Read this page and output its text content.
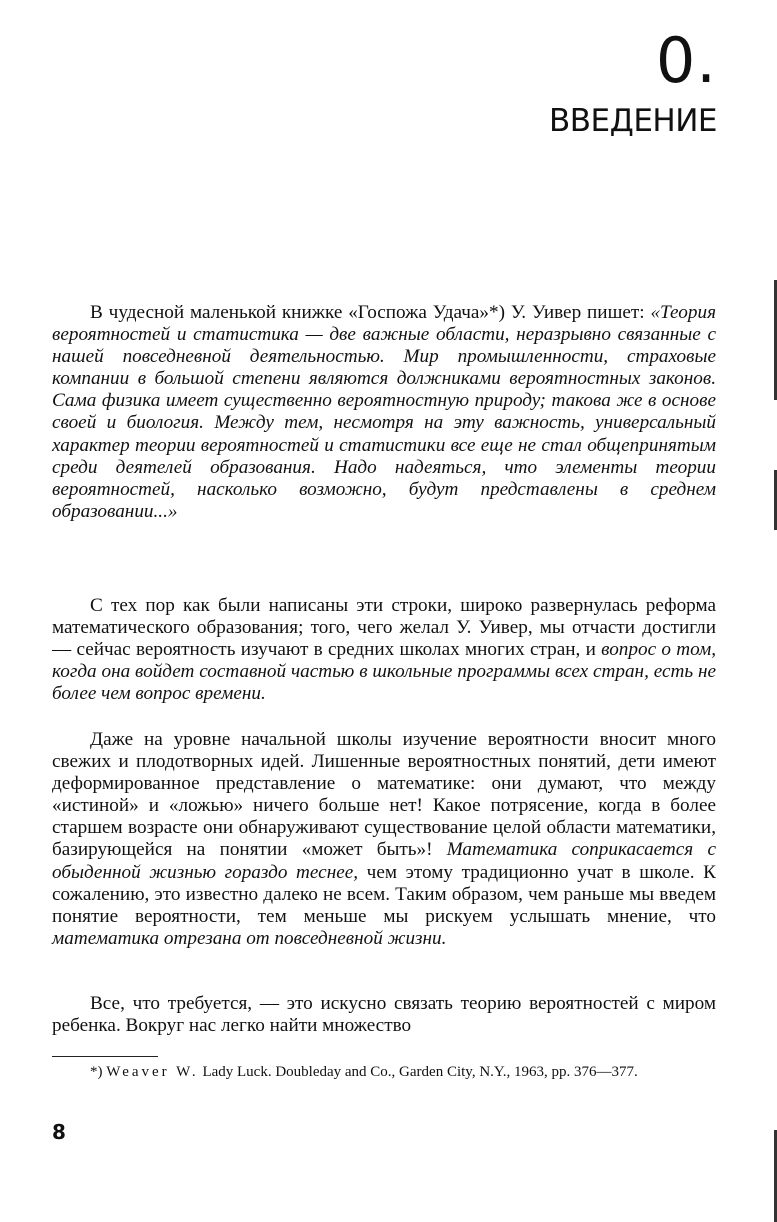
0.
ВВЕДЕНИЕ

В чудесной маленькой книжке «Госпожа Удача»*) У. Уивер пишет: «Теория вероятностей и статистика — две важные области, неразрывно связанные с нашей повседневной деятельностью. Мир промышленности, страховые компании в большой степени являются должниками вероятностных законов. Сама физика имеет существенно вероятностную природу; такова же в основе своей и биология. Между тем, несмотря на эту важность, универсальный характер теории вероятностей и статистики все еще не стал общепринятым среди деятелей образования. Надо надеяться, что элементы теории вероятностей, насколько возможно, будут представлены в среднем образовании...»

С тех пор как были написаны эти строки, широко развернулась реформа математического образования; того, чего желал У. Уивер, мы отчасти достигли — сейчас вероятность изучают в средних школах многих стран, и вопрос о том, когда она войдет составной частью в школьные программы всех стран, есть не более чем вопрос времени.

Даже на уровне начальной школы изучение вероятности вносит много свежих и плодотворных идей. Лишенные вероятностных понятий, дети имеют деформированное представление о математике: они думают, что между «истиной» и «ложью» ничего больше нет! Какое потрясение, когда в более старшем возрасте они обнаруживают существование целой области математики, базирующейся на понятии «может быть»! Математика соприкасается с обыденной жизнью гораздо теснее, чем этому традиционно учат в школе. К сожалению, это известно далеко не всем. Таким образом, чем раньше мы введем понятие вероятности, тем меньше мы рискуем услышать мнение, что математика отрезана от повседневной жизни.

Все, что требуется, — это искусно связать теорию вероятностей с миром ребенка. Вокруг нас легко найти множество

*) Weaver W. Lady Luck. Doubleday and Co., Garden City, N.Y., 1963, pp. 376—377.

8
